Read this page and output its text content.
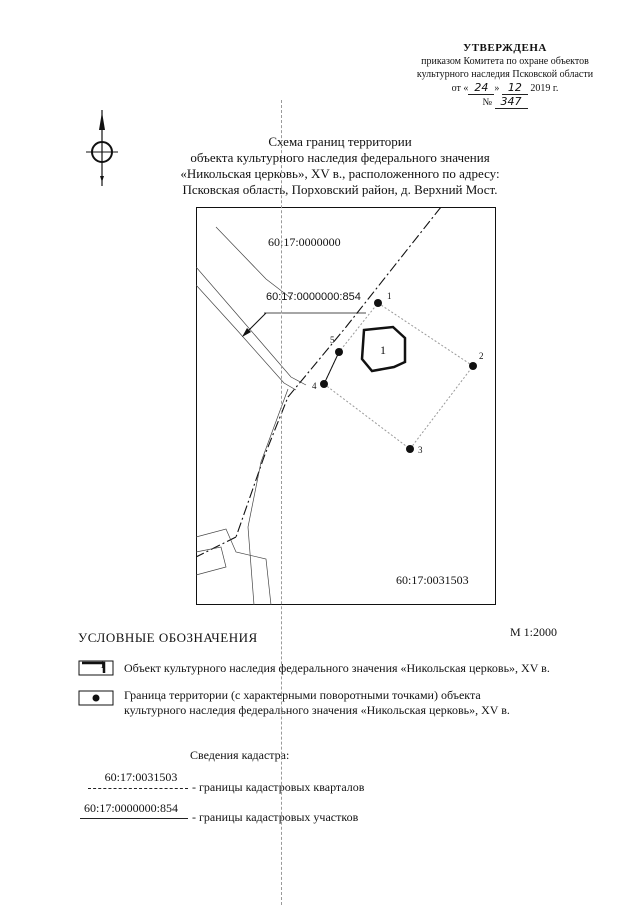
УТВЕРЖДЕНА
приказом Комитета по охране объектов
культурного наследия Псковской области
от « 24 » 12 2019 г.
№ 347
Схема границ территории
объекта культурного наследия федерального значения
«Никольская церковь», XV в., расположенного по адресу:
Псковская область, Порховский район, д. Верхний Мост.
60:17:0000000
60:17:0000000:854
60:17:0031503
1
1
2
3
4
5
УСЛОВНЫЕ ОБОЗНАЧЕНИЯ	М 1:2000
1 Объект культурного наследия федерального значения «Никольская церковь», XV в.
Граница территории (с характерными поворотными точками) объекта
культурного наследия федерального значения «Никольская церковь», XV в.
Сведения кадастра:
60:17:0031503
- границы кадастровых кварталов
60:17:0000000:854
- границы кадастровых участков
